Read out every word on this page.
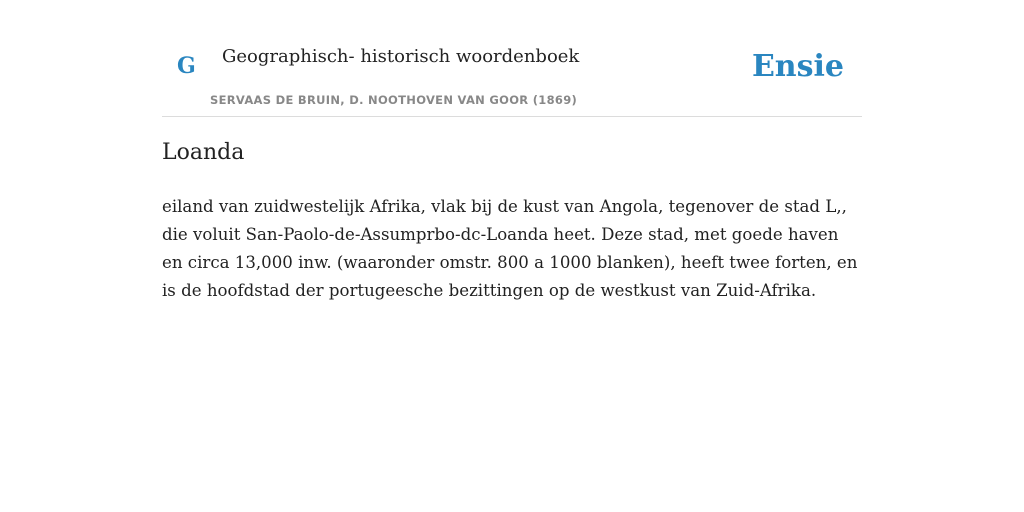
G Geographisch- historisch woordenboek
SERVAAS DE BRUIN, D. NOOTHOVEN VAN GOOR (1869)
Ensie
Loanda

eiland van zuidwestelijk Afrika, vlak bij de kust van Angola, tegenover de stad L,, die voluit San-Paolo-de-Assumprbo-dc-Loanda heet. Deze stad, met goede haven en circa 13,000 inw. (waaronder omstr. 800 a 1000 blanken), heeft twee forten, en is de hoofdstad der portugeesche bezittingen op de westkust van Zuid-Afrika.
